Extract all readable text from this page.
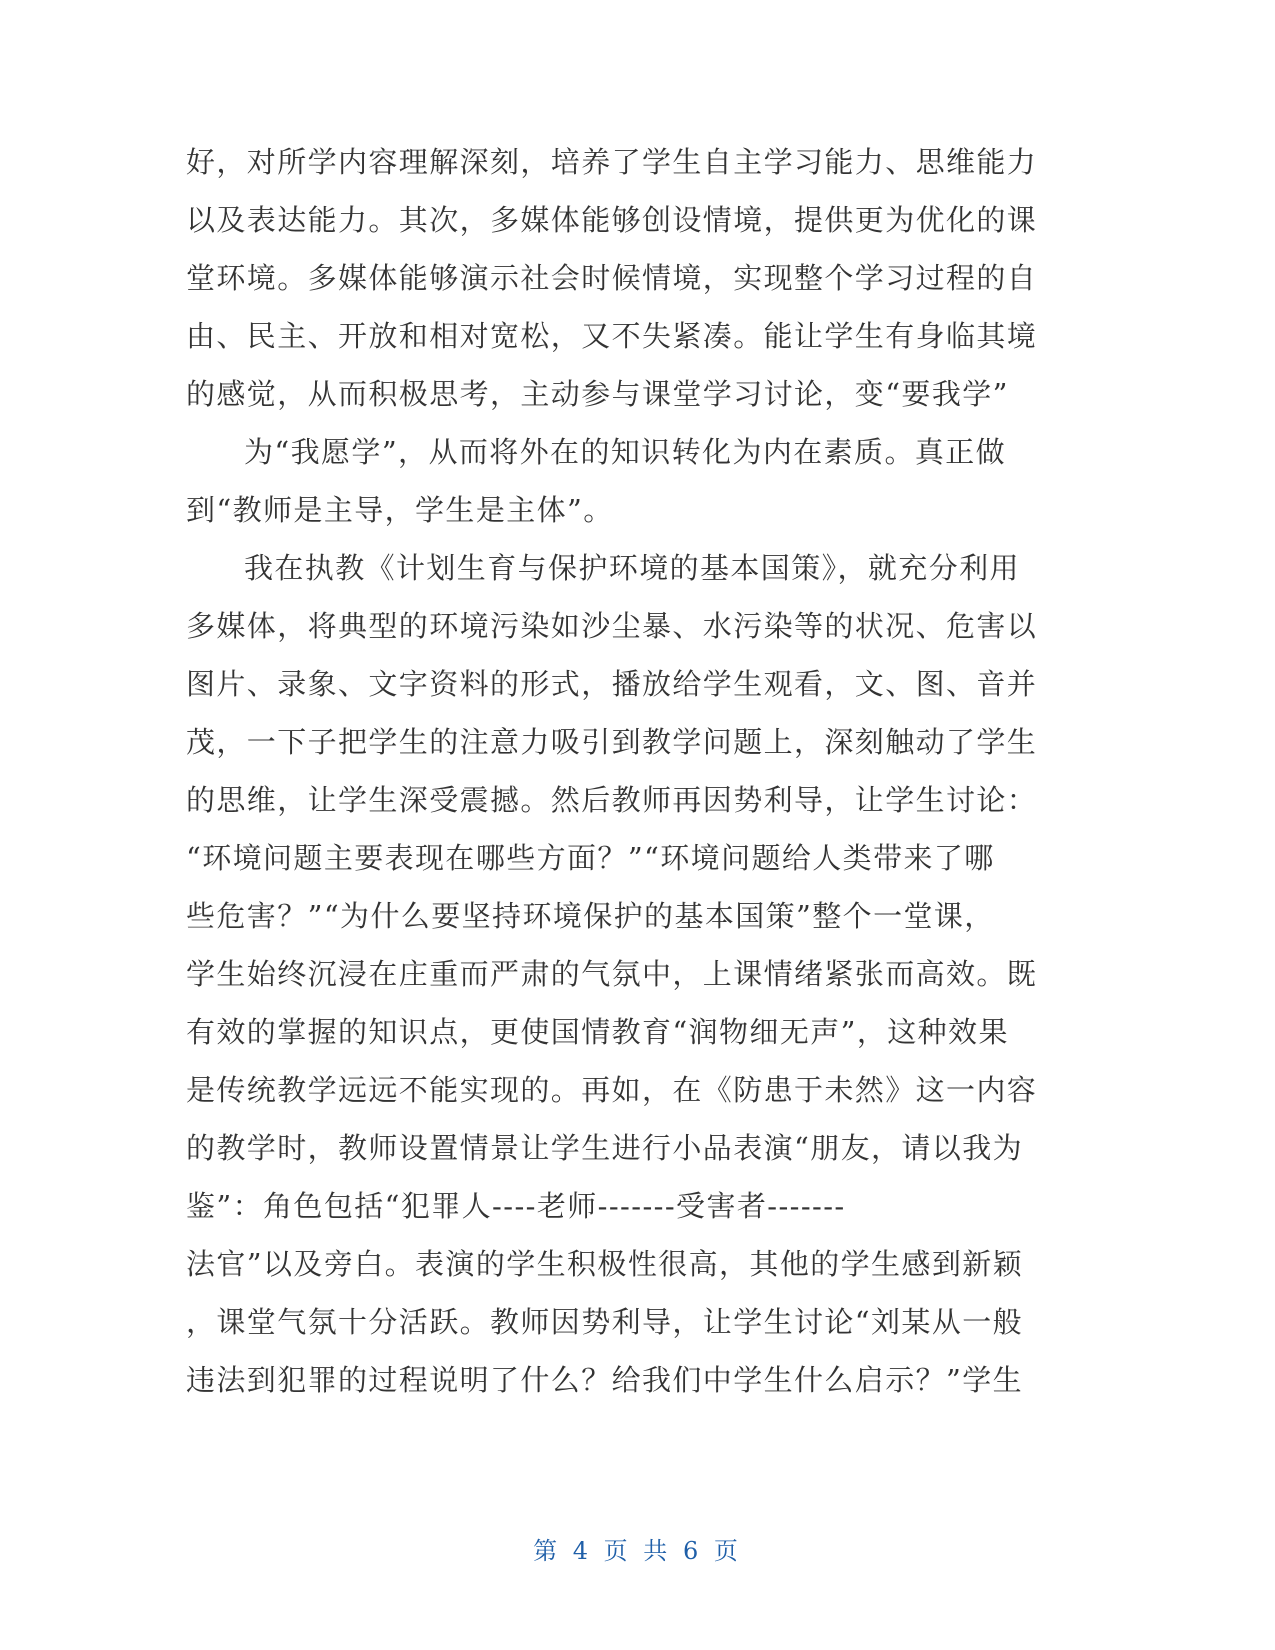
好，对所学内容理解深刻，培养了学生自主学习能力、思维能力
以及表达能力。其次，多媒体能够创设情境，提供更为优化的课
堂环境。多媒体能够演示社会时候情境，实现整个学习过程的自
由、民主、开放和相对宽松，又不失紧凑。能让学生有身临其境
的感觉，从而积极思考，主动参与课堂学习讨论，变“要我学”
为“我愿学”，从而将外在的知识转化为内在素质。真正做
到“教师是主导，学生是主体”。
我在执教《计划生育与保护环境的基本国策》，就充分利用
多媒体，将典型的环境污染如沙尘暴、水污染等的状况、危害以
图片、录象、文字资料的形式，播放给学生观看，文、图、音并
茂，一下子把学生的注意力吸引到教学问题上，深刻触动了学生
的思维，让学生深受震撼。然后教师再因势利导，让学生讨论：
“环境问题主要表现在哪些方面？”“环境问题给人类带来了哪
些危害？”“为什么要坚持环境保护的基本国策”整个一堂课，
学生始终沉浸在庄重而严肃的气氛中，上课情绪紧张而高效。既
有效的掌握的知识点，更使国情教育“润物细无声”，这种效果
是传统教学远远不能实现的。再如，在《防患于未然》这一内容
的教学时，教师设置情景让学生进行小品表演“朋友，请以我为
鉴”：角色包括“犯罪人----老师-------受害者-------
法官”以及旁白。表演的学生积极性很高，其他的学生感到新颖
，课堂气氛十分活跃。教师因势利导，让学生讨论“刘某从一般
违法到犯罪的过程说明了什么？给我们中学生什么启示？”学生
第 4 页 共 6 页
